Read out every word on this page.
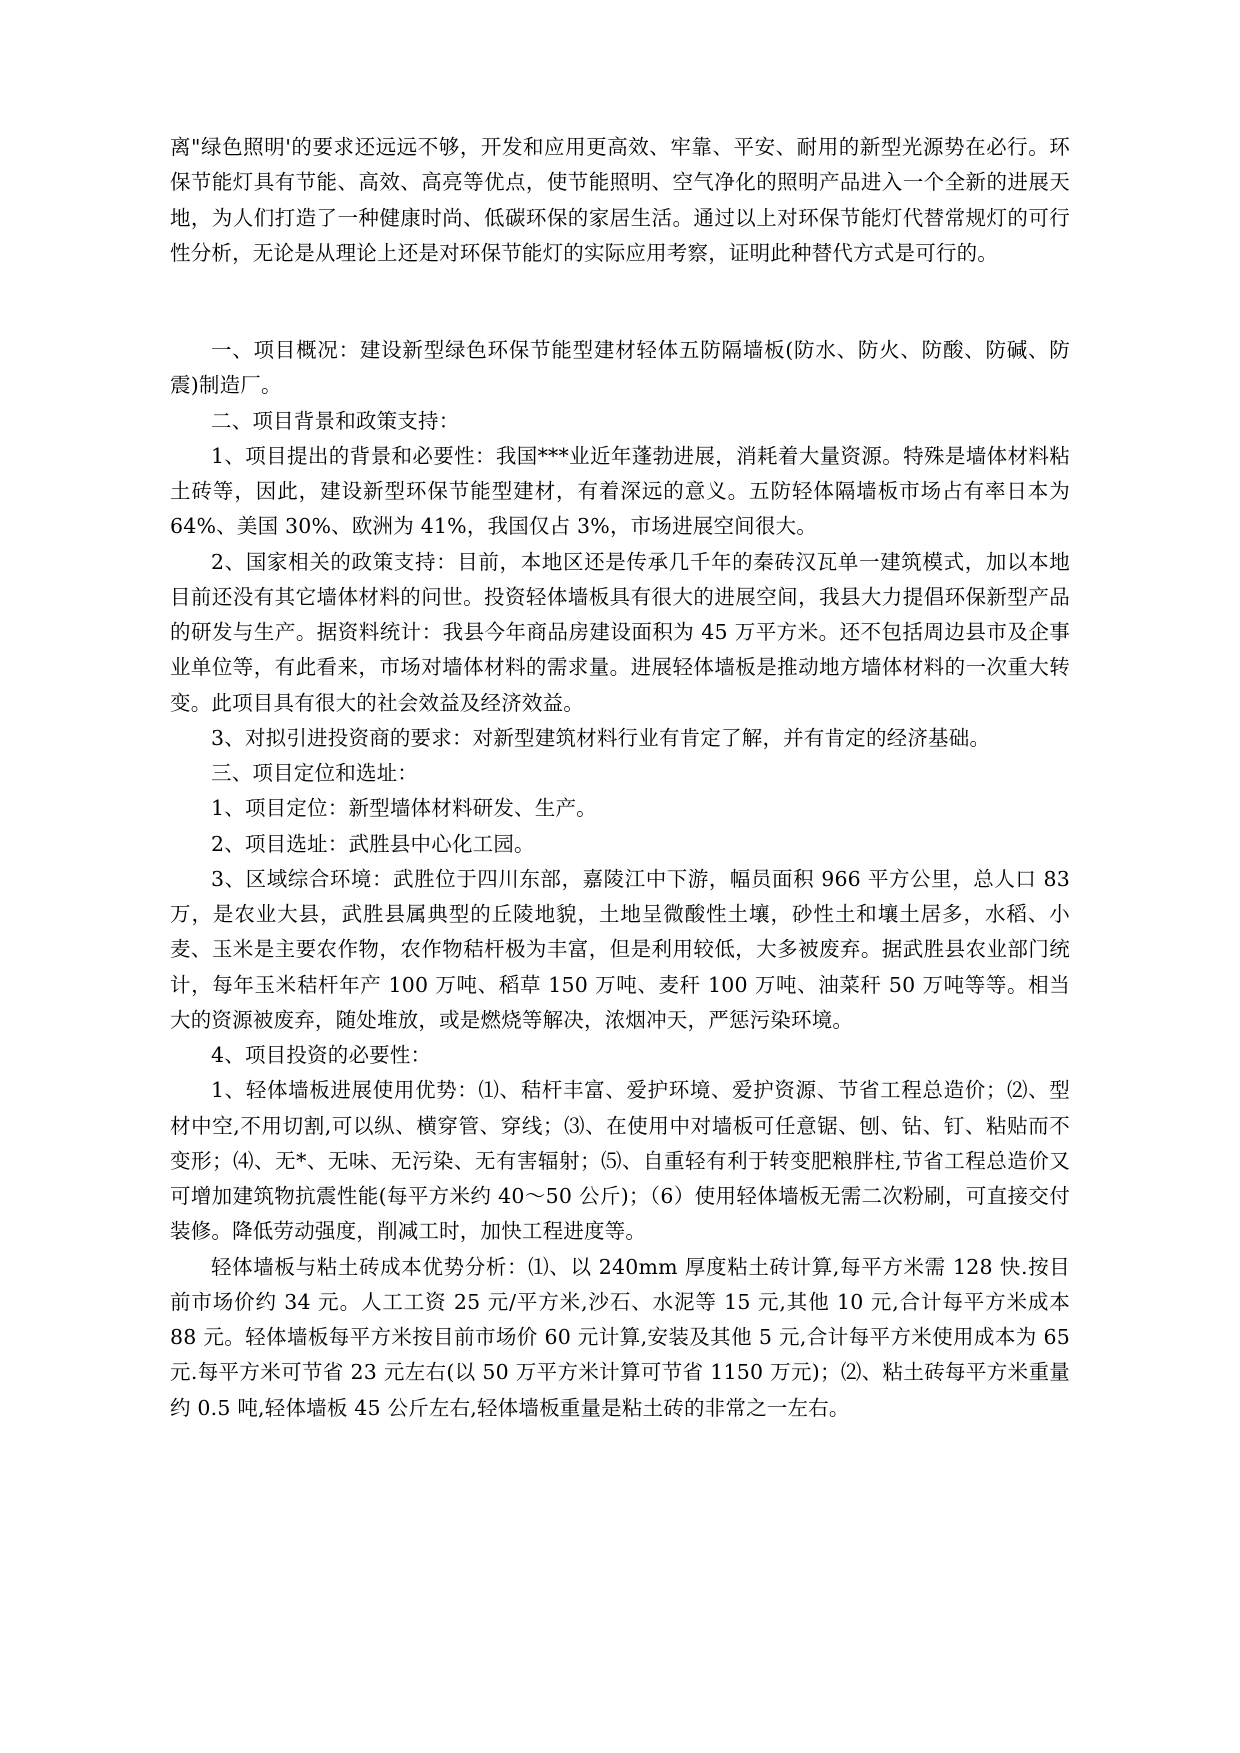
离"绿色照明'的要求还远远不够，开发和应用更高效、牢靠、平安、耐用的新型光源势在必行。环保节能灯具有节能、高效、高亮等优点，使节能照明、空气净化的照明产品进入一个全新的进展天地，为人们打造了一种健康时尚、低碳环保的家居生活。通过以上对环保节能灯代替常规灯的可行性分析，无论是从理论上还是对环保节能灯的实际应用考察，证明此种替代方式是可行的。

一、项目概况：建设新型绿色环保节能型建材轻体五防隔墙板(防水、防火、防酸、防碱、防震)制造厂。

二、项目背景和政策支持：

1、项目提出的背景和必要性：我国***业近年蓬勃进展，消耗着大量资源。特殊是墙体材料粘土砖等，因此，建设新型环保节能型建材，有着深远的意义。五防轻体隔墙板市场占有率日本为 64%、美国 30%、欧洲为 41%，我国仅占 3%，市场进展空间很大。

2、国家相关的政策支持：目前，本地区还是传承几千年的秦砖汉瓦单一建筑模式，加以本地目前还没有其它墙体材料的问世。投资轻体墙板具有很大的进展空间，我县大力提倡环保新型产品的研发与生产。据资料统计：我县今年商品房建设面积为 45 万平方米。还不包括周边县市及企事业单位等，有此看来，市场对墙体材料的需求量。进展轻体墙板是推动地方墙体材料的一次重大转变。此项目具有很大的社会效益及经济效益。

3、对拟引进投资商的要求：对新型建筑材料行业有肯定了解，并有肯定的经济基础。

三、项目定位和选址：

1、项目定位：新型墙体材料研发、生产。

2、项目选址：武胜县中心化工园。

3、区域综合环境：武胜位于四川东部，嘉陵江中下游，幅员面积 966 平方公里，总人口 83 万，是农业大县，武胜县属典型的丘陵地貌，土地呈微酸性土壤，砂性土和壤土居多，水稻、小麦、玉米是主要农作物，农作物秸杆极为丰富，但是利用较低，大多被废弃。据武胜县农业部门统计，每年玉米秸杆年产 100 万吨、稻草 150 万吨、麦秆 100 万吨、油菜秆 50 万吨等等。相当大的资源被废弃，随处堆放，或是燃烧等解决，浓烟冲天，严惩污染环境。

4、项目投资的必要性：

1、轻体墙板进展使用优势：⑴、秸杆丰富、爱护环境、爱护资源、节省工程总造价；⑵、型材中空,不用切割,可以纵、横穿管、穿线；⑶、在使用中对墙板可任意锯、刨、钻、钉、粘贴而不变形；⑷、无*、无味、无污染、无有害辐射；⑸、自重轻有利于转变肥粮胖柱,节省工程总造价又可增加建筑物抗震性能(每平方米约 40～50 公斤)；（6）使用轻体墙板无需二次粉刷，可直接交付装修。降低劳动强度，削减工时，加快工程进度等。

轻体墙板与粘土砖成本优势分析：⑴、以 240mm 厚度粘土砖计算,每平方米需 128 快.按目前市场价约 34 元。人工工资 25 元/平方米,沙石、水泥等 15 元,其他 10 元,合计每平方米成本 88 元。轻体墙板每平方米按目前市场价 60 元计算,安装及其他 5 元,合计每平方米使用成本为 65 元.每平方米可节省 23 元左右(以 50 万平方米计算可节省 1150 万元)；⑵、粘土砖每平方米重量约 0.5 吨,轻体墙板 45 公斤左右,轻体墙板重量是粘土砖的非常之一左右。
